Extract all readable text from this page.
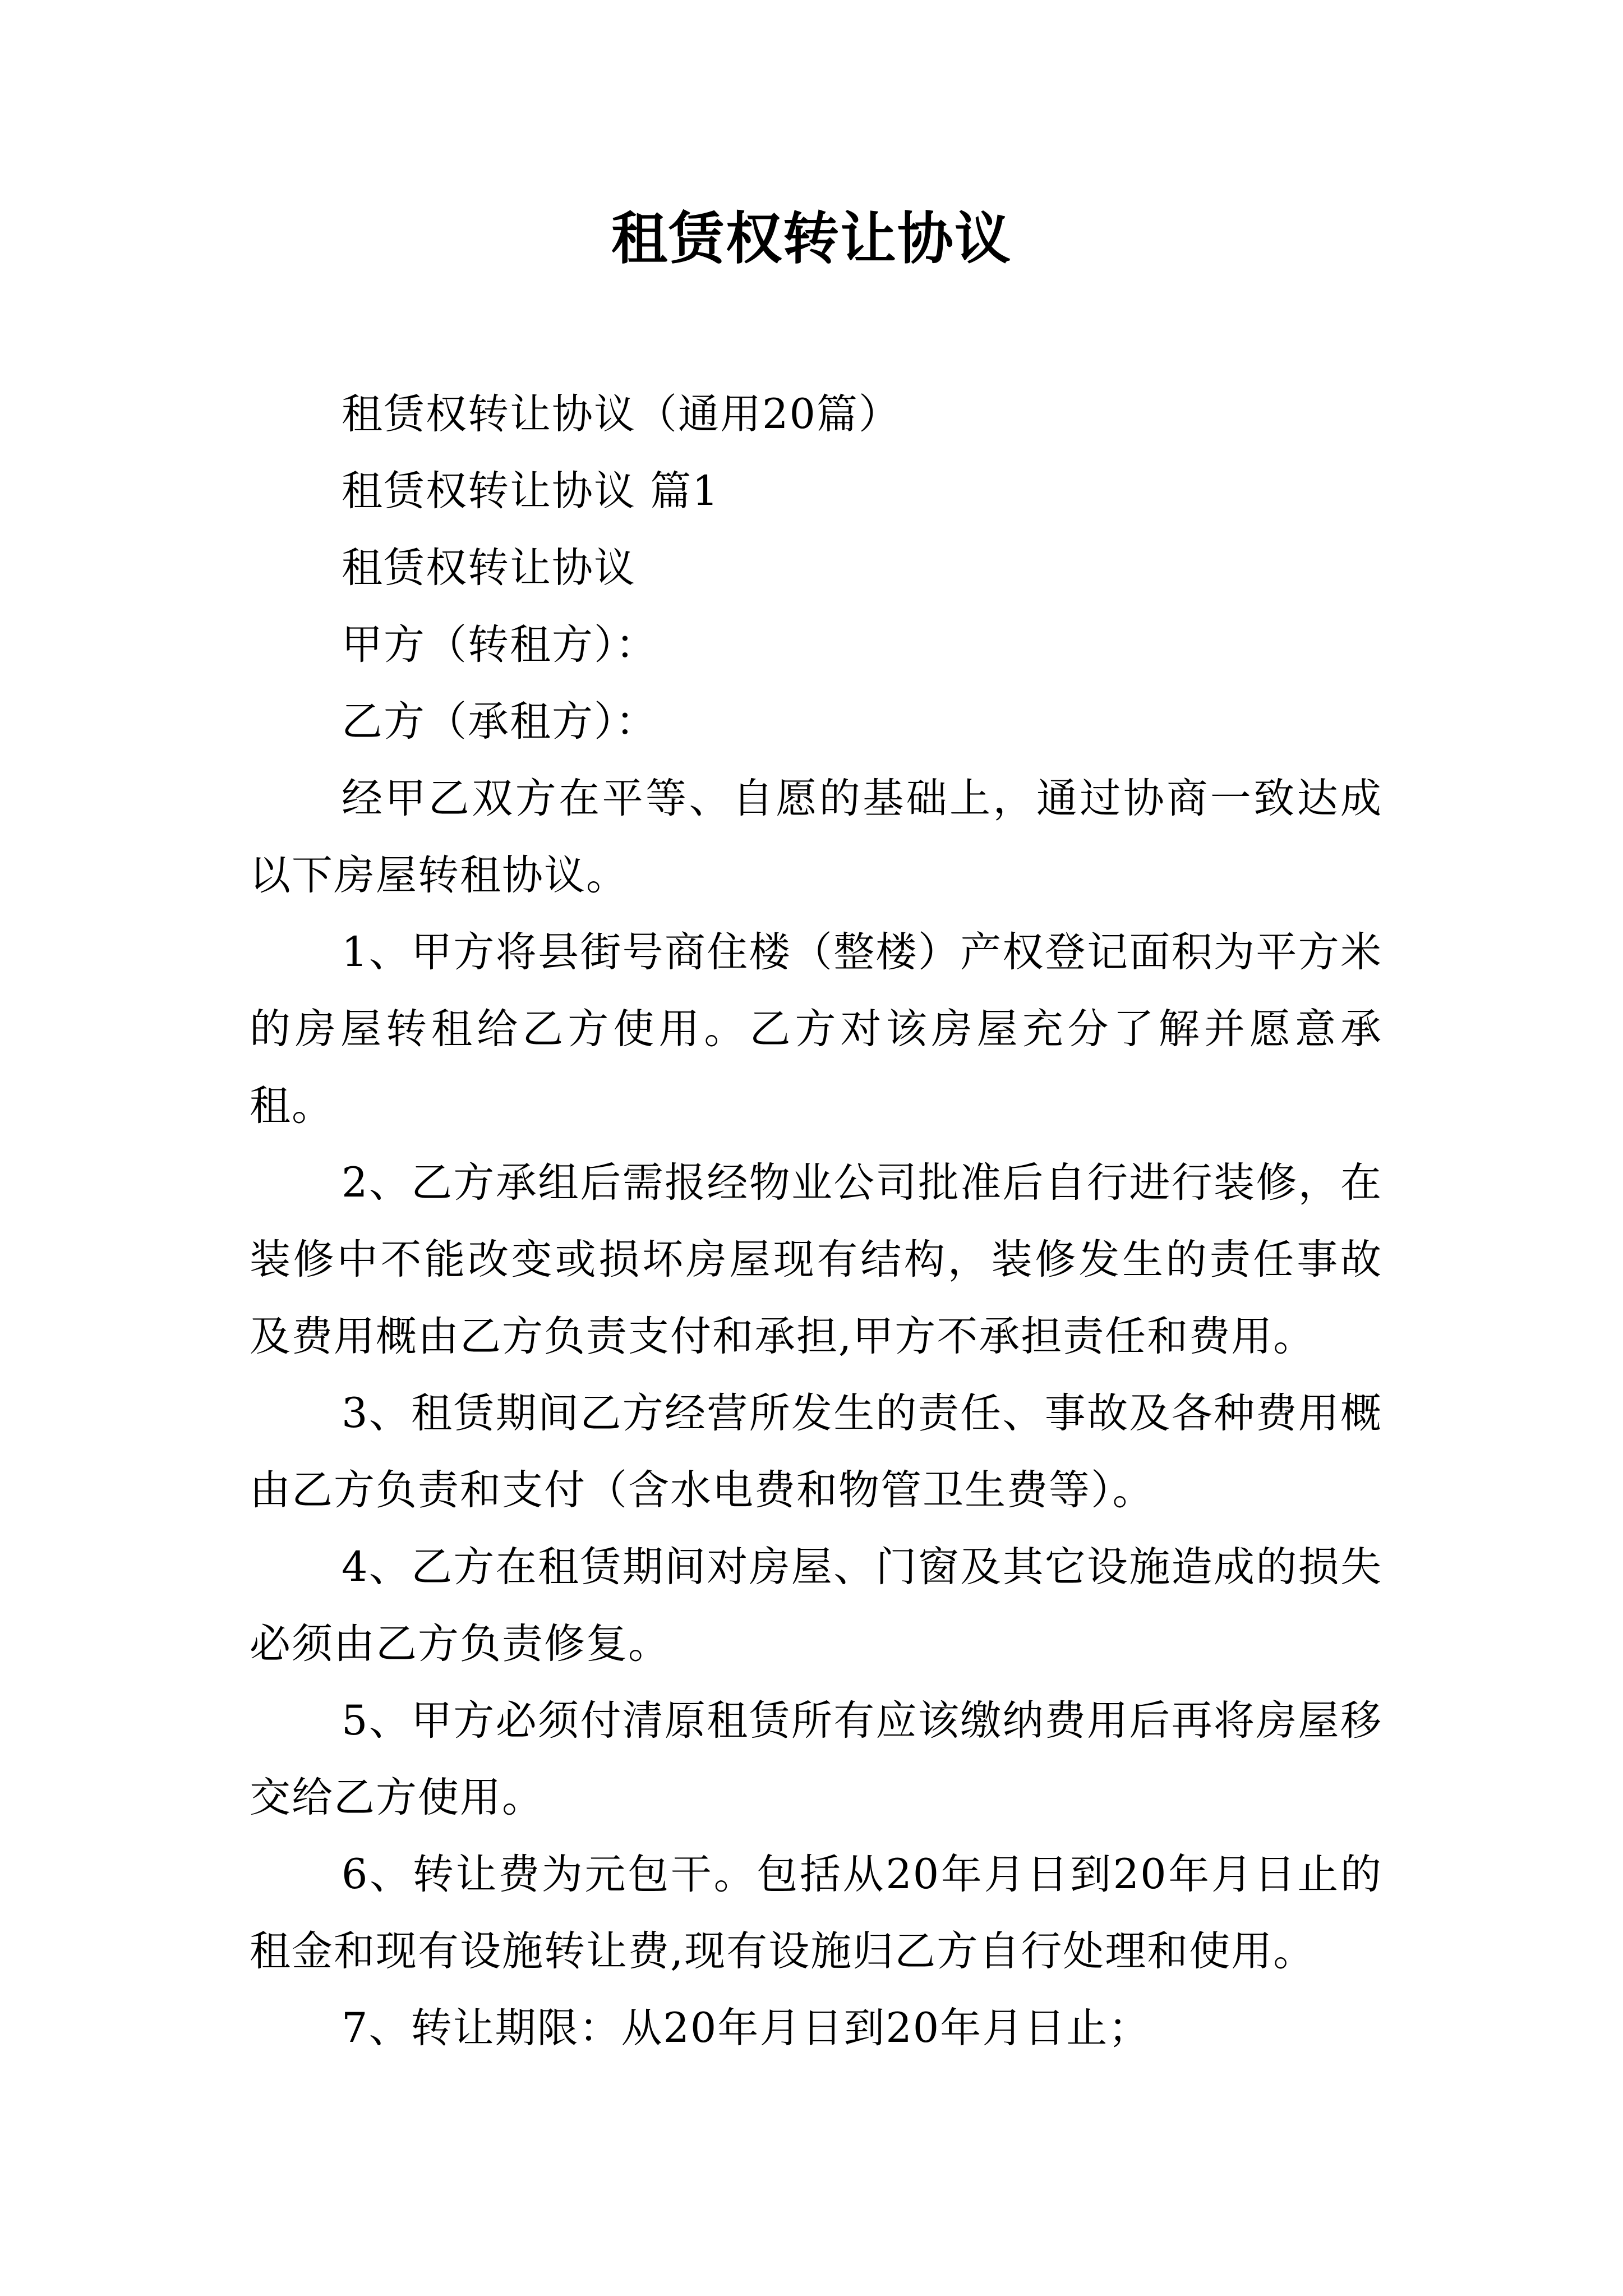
租赁权转让协议

租赁权转让协议（通用20篇）

租赁权转让协议 篇1

租赁权转让协议

甲方（转租方）：

乙方（承租方）：

经甲乙双方在平等、自愿的基础上，通过协商一致达成以下房屋转租协议。

1、甲方将县街号商住楼（整楼）产权登记面积为平方米的房屋转租给乙方使用。乙方对该房屋充分了解并愿意承租。

2、乙方承组后需报经物业公司批准后自行进行装修，在装修中不能改变或损坏房屋现有结构，装修发生的责任事故及费用概由乙方负责支付和承担,甲方不承担责任和费用。

3、租赁期间乙方经营所发生的责任、事故及各种费用概由乙方负责和支付（含水电费和物管卫生费等）。

4、乙方在租赁期间对房屋、门窗及其它设施造成的损失必须由乙方负责修复。

5、甲方必须付清原租赁所有应该缴纳费用后再将房屋移交给乙方使用。

6、转让费为元包干。包括从20年月日到20年月日止的租金和现有设施转让费,现有设施归乙方自行处理和使用。

7、转让期限：从20年月日到20年月日止；
